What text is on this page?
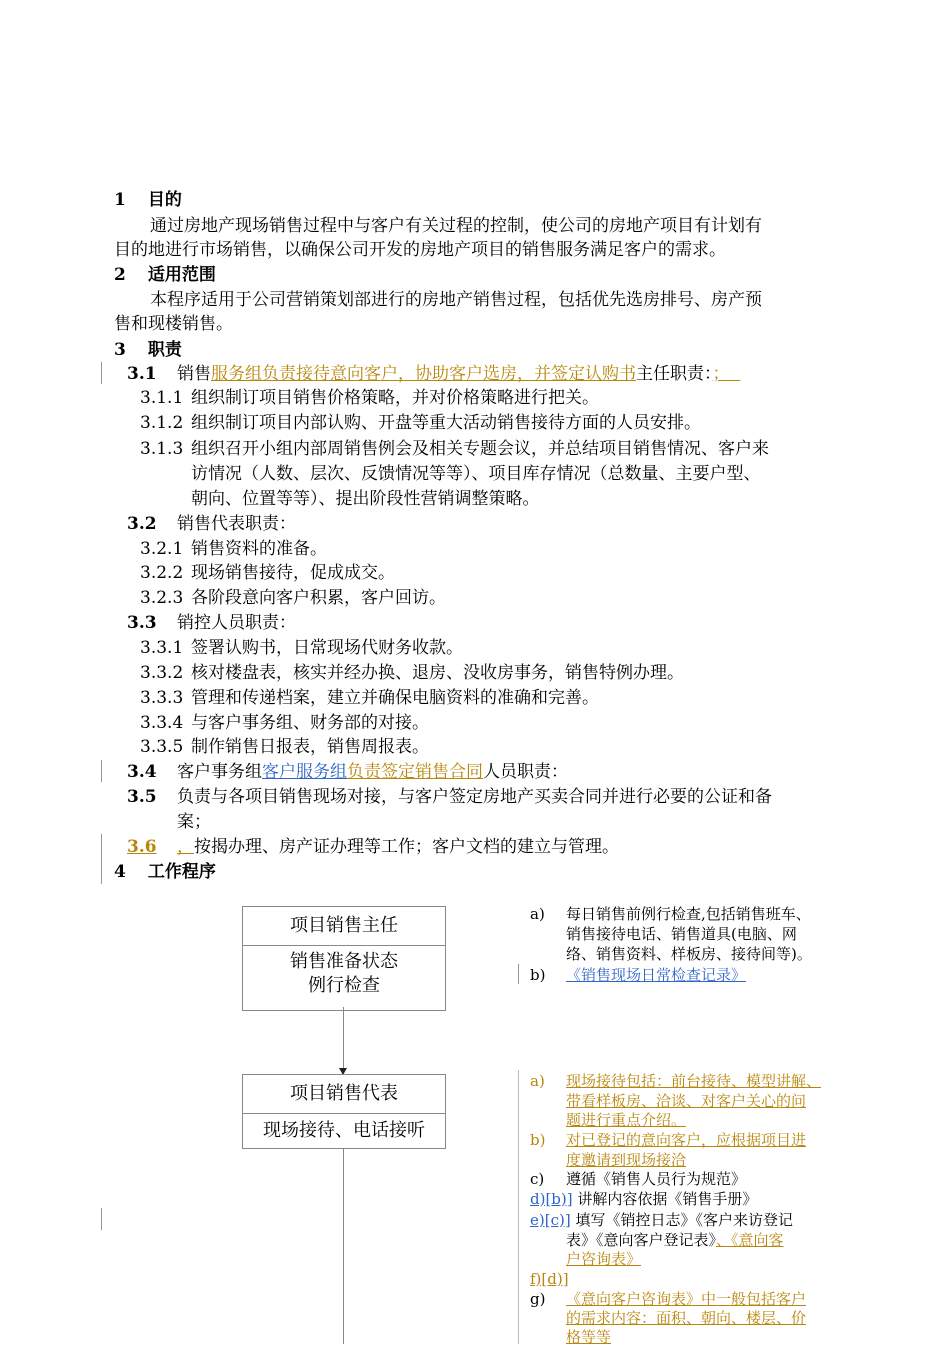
1 目的
通过房地产现场销售过程中与客户有关过程的控制，使公司的房地产项目有计划有
目的地进行市场销售，以确保公司开发的房地产项目的销售服务满足客户的需求。
2 适用范围
本程序适用于公司营销策划部进行的房地产销售过程，包括优先选房排号、房产预
售和现楼销售。
3 职责
3.1 销售服务组负责接待意向客户，协助客户选房，并签定认购书主任职责：；
3.1.1 组织制订项目销售价格策略，并对价格策略进行把关。
3.1.2 组织制订项目内部认购、开盘等重大活动销售接待方面的人员安排。
3.1.3 组织召开小组内部周销售例会及相关专题会议，并总结项目销售情况、客户来
访情况（人数、层次、反馈情况等等）、项目库存情况（总数量、主要户型、
朝向、位置等等）、提出阶段性营销调整策略。
3.2 销售代表职责：
3.2.1 销售资料的准备。
3.2.2 现场销售接待，促成成交。
3.2.3 各阶段意向客户积累，客户回访。
3.3 销控人员职责：
3.3.1 签署认购书，日常现场代财务收款。
3.3.2 核对楼盘表，核实并经办换、退房、没收房事务，销售特例办理。
3.3.3 管理和传递档案，建立并确保电脑资料的准确和完善。
3.3.4 与客户事务组、财务部的对接。
3.3.5 制作销售日报表，销售周报表。
3.4 客户事务组客户服务组负责签定销售合同人员职责：
3.5 负责与各项目销售现场对接，与客户签定房地产买卖合同并进行必要的公证和备
案；
3.6 ，按揭办理、房产证办理等工作；客户文档的建立与管理。
4 工作程序
项目销售主任
销售准备状态
例行检查
项目销售代表
现场接待、电话接听
a) 每日销售前例行检查,包括销售班车、
销售接待电话、销售道具(电脑、网
络、销售资料、样板房、接待间等)。
b) 《销售现场日常检查记录》
a) 现场接待包括：前台接待、模型讲解、
带看样板房、洽谈、对客户关心的问
题进行重点介绍。
b) 对已登记的意向客户，应根据项目进
度邀请到现场接洽
c) 遵循《销售人员行为规范》
d)[b)] 讲解内容依据《销售手册》
e)[c)] 填写《销控日志》《客户来访登记
表》《意向客户登记表》、《意向客
户咨询表》
f)[d)]
g) 《意向客户咨询表》中一般包括客户
的需求内容：面积、朝向、楼层、价
格等等
